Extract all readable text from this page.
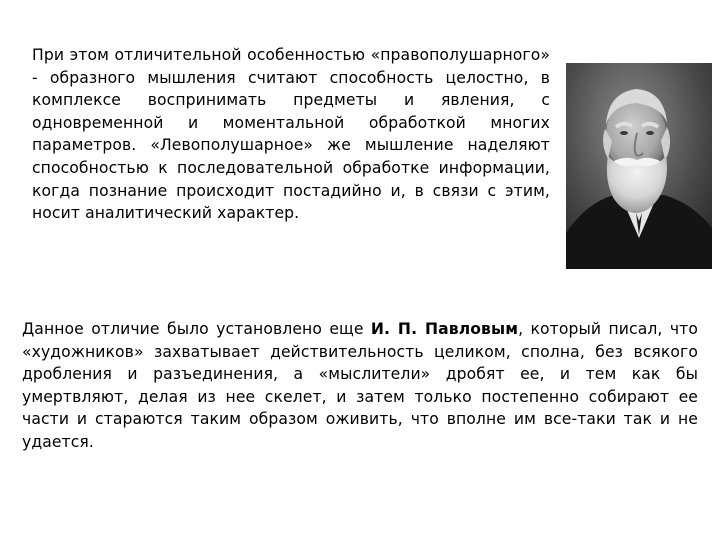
При этом отличительной особенностью «правополушарного» - образного мышления считают способность целостно, в комплексе воспринимать предметы и явления, с одновременной и моментальной обработкой многих параметров. «Левополушарное» же мышление наделяют способностью к последовательной обработке информации, когда познание происходит постадийно и, в связи с этим, носит аналитический характер.

Данное отличие было установлено еще И. П. Павловым, который писал, что «художников» захватывает действительность целиком, сполна, без всякого дробления и разъединения, а «мыслители» дробят ее, и тем как бы умертвляют, делая из нее скелет, и затем только постепенно собирают ее части и стараются таким образом оживить, что вполне им все-таки так и не удается.
